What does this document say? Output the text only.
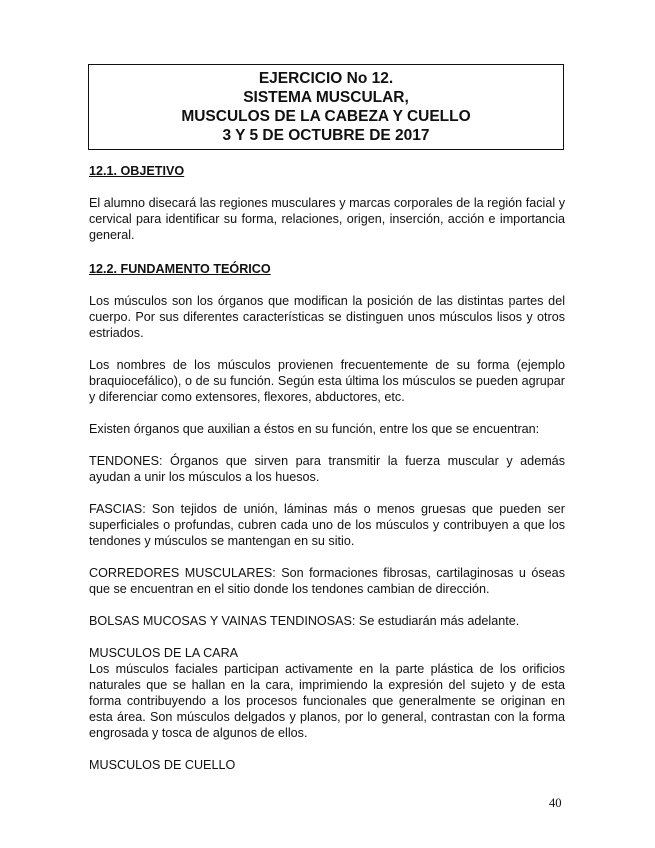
EJERCICIO No 12.
SISTEMA MUSCULAR,
MUSCULOS DE LA CABEZA Y CUELLO
3 Y 5 DE OCTUBRE DE 2017

12.1. OBJETIVO

El alumno disecará las regiones musculares y marcas corporales de la región facial y cervical para identificar su forma, relaciones, origen, inserción, acción e importancia general.

12.2. FUNDAMENTO TEÓRICO

Los músculos son los órganos que modifican la posición de las distintas partes del cuerpo. Por sus diferentes características se distinguen unos músculos lisos y otros estriados.

Los nombres de los músculos provienen frecuentemente de su forma (ejemplo braquiocefálico), o de su función. Según esta última los músculos se pueden agrupar y diferenciar como extensores, flexores, abductores, etc.

Existen órganos que auxilian a éstos en su función, entre los que se encuentran:

TENDONES: Órganos que sirven para transmitir la fuerza muscular y además ayudan a unir los músculos a los huesos.

FASCIAS: Son tejidos de unión, láminas más o menos gruesas que pueden ser superficiales o profundas, cubren cada uno de los músculos y contribuyen a que los tendones y músculos se mantengan en su sitio.

CORREDORES MUSCULARES: Son formaciones fibrosas, cartilaginosas u óseas que se encuentran en el sitio donde los tendones cambian de dirección.

BOLSAS MUCOSAS Y VAINAS TENDINOSAS: Se estudiarán más adelante.

MUSCULOS DE LA CARA

Los músculos faciales participan activamente en la parte plástica de los orificios naturales que se hallan en la cara, imprimiendo la expresión del sujeto y de esta forma contribuyendo a los procesos funcionales que generalmente se originan en esta área. Son músculos delgados y planos, por lo general, contrastan con la forma engrosada y tosca de algunos de ellos.

MUSCULOS DE CUELLO

40
